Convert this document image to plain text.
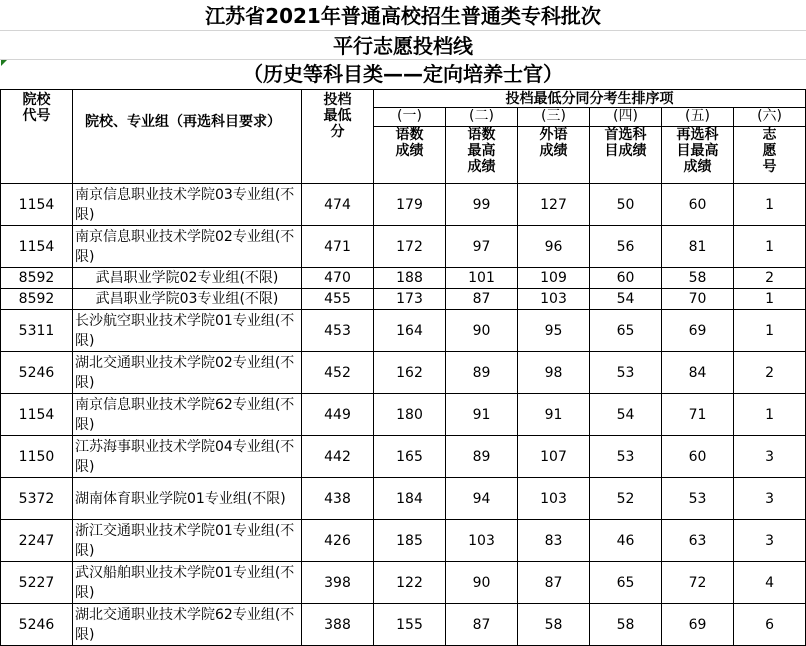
江苏省2021年普通高校招生普通类专科批次
平行志愿投档线
（历史等科目类——定向培养士官）
院校代号	院校、专业组（再选科目要求）	投档最低分	投档最低分同分考生排序项					
			(一)	(二)	(三)	(四)	(五)	(六)
			语数成绩	语数最高成绩	外语成绩	首选科目成绩	再选科目最高成绩	志愿号
1154	南京信息职业技术学院03专业组(不限)	474	179	99	127	50	60	1
1154	南京信息职业技术学院02专业组(不限)	471	172	97	96	56	81	1
8592	武昌职业学院02专业组(不限)	470	188	101	109	60	58	2
8592	武昌职业学院03专业组(不限)	455	173	87	103	54	70	1
5311	长沙航空职业技术学院01专业组(不限)	453	164	90	95	65	69	1
5246	湖北交通职业技术学院02专业组(不限)	452	162	89	98	53	84	2
1154	南京信息职业技术学院62专业组(不限)	449	180	91	91	54	71	1
1150	江苏海事职业技术学院04专业组(不限)	442	165	89	107	53	60	3
5372	湖南体育职业学院01专业组(不限)	438	184	94	103	52	53	3
2247	浙江交通职业技术学院01专业组(不限)	426	185	103	83	46	63	3
5227	武汉船舶职业技术学院01专业组(不限)	398	122	90	87	65	72	4
5246	湖北交通职业技术学院62专业组(不限)	388	155	87	58	58	69	6
